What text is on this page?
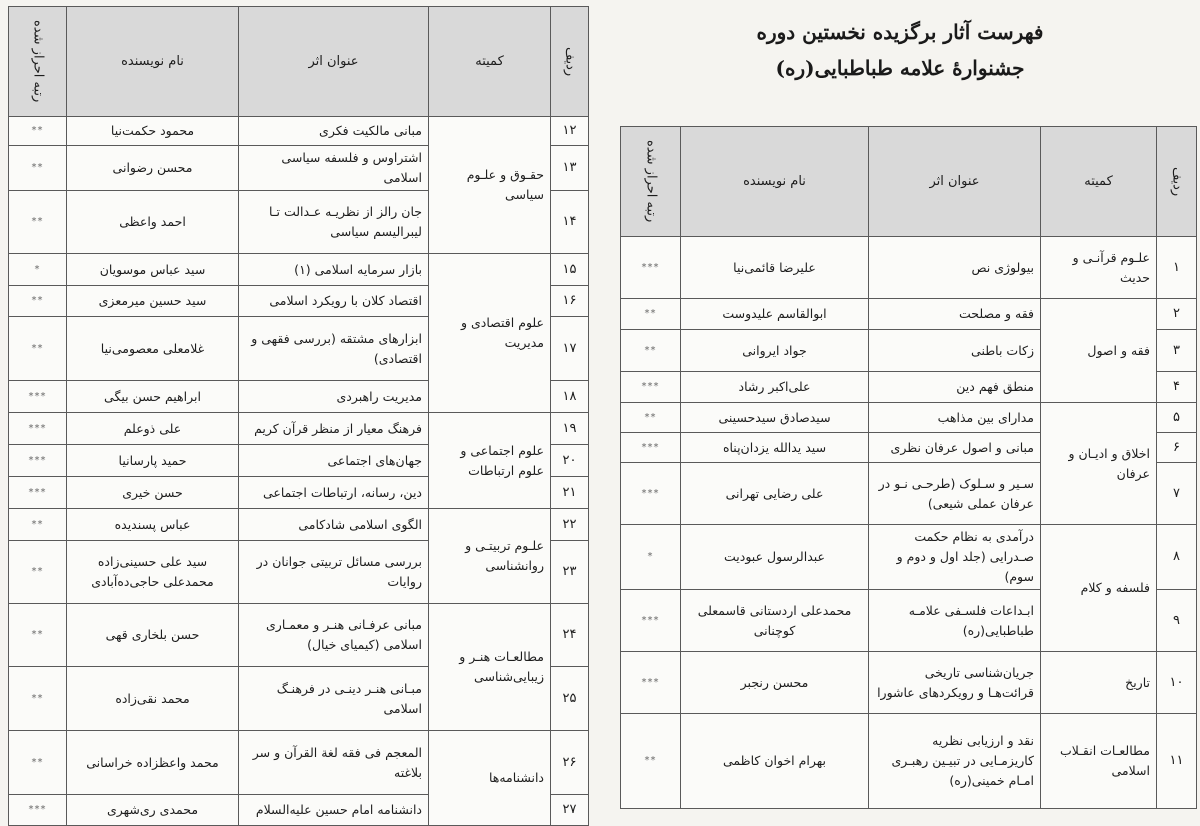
فهرست آثار برگزیده نخستین دوره
جشنوارۀ علامه طباطبایی(ره)
ردیف	کمیته	عنوان اثر	نام نویسنده	رتبه احراز شده

۱۲	حقـوق و علـوم سیاسی	مبانی مالکیت فکری	محمود حکمت‌نیا	**
۱۳		اشتراوس و فلسفه سیاسی اسلامی	محسن رضوانی	**
۱۴		جان رالز از نظریـه عـدالت تـا لیبرالیسم سیاسی	احمد واعظی	**
۱۵	علوم اقتصادی و مدیریت	بازار سرمایه اسلامی (۱)	سید عباس موسویان	*
۱۶		اقتصاد کلان با رویکرد اسلامی	سید حسین میرمعزی	**
۱۷		ابزارهای مشتقه (بررسی فقهی و اقتصادی)	غلامعلی معصومی‌نیا	**
۱۸		مدیریت راهبردی	ابراهیم حسن بیگی	***
۱۹	علوم اجتماعی و علوم ارتباطات	فرهنگ معیار از منظر قرآن کریم	علی ذوعلم	***
۲۰		جهان‌های اجتماعی	حمید پارسانیا	***
۲۱		دین، رسانه، ارتباطات اجتماعی	حسن خیری	***
۲۲	علـوم تربیتـی و روانشناسی	الگوی اسلامی شادکامی	عباس پسندیده	**
۲۳		بررسی مسائل تربیتی جوانان در روایات	سید علی حسینی‌زاده محمدعلی حاجی‌ده‌آبادی	**
۲۴	مطالعـات هنـر و زیبایی‌شناسی	مبانی عرفـانی هنـر و معمـاری اسلامی (کیمیای خیال)	حسن بلخاری قهی	**
۲۵		مبـانی هنـر دینـی در فرهنـگ اسلامی	محمد نقی‌زاده	**
۲۶	دانشنامه‌ها	المعجم فی فقه لغة القرآن و سر بلاغته	محمد واعظزاده خراسانی	**
۲۷		دانشنامه امام حسین علیه‌السلام	محمدی ری‌شهری	***
ردیف	کمیته	عنوان اثر	نام نویسنده	رتبه احراز شده

۱	علـوم قرآنـی و حدیث	بیولوژی نص	علیرضا قائمی‌نیا	***
۲	فقه و اصول	فقه و مصلحت	ابوالقاسم علیدوست	**
۳		زکات باطنی	جواد ایروانی	**
۴		منطق فهم دین	علی‌اکبر رشاد	***
۵	اخلاق و ادیـان و عرفان	مدارای بین مذاهب	سیدصادق سیدحسینی	**
۶		مبانی و اصول عرفان نظری	سید یدالله یزدان‌پناه	***
۷		سـیر و سـلوک (طرحـی نـو در عرفان عملی شیعی)	علی رضایی تهرانی	***
۸	فلسفه و کلام	درآمدی به نظام حکمت صـدرایی (جلد اول و دوم و سوم)	عبدالرسول عبودیت	*
۹		ابـداعات فلسـفی علامـه طباطبایی(ره)	محمدعلی اردستانی قاسمعلی کوچنانی	***
۱۰	تاریخ	جریان‌شناسی تاریخی قرائت‌هـا و رویکردهای عاشورا	محسن رنجبر	***
۱۱	مطالعـات انقـلاب اسلامی	نقد و ارزیابی نظریه کاریزمـایی در تبیـین رهبـری امـام خمینی(ره)	بهرام اخوان کاظمی	**
